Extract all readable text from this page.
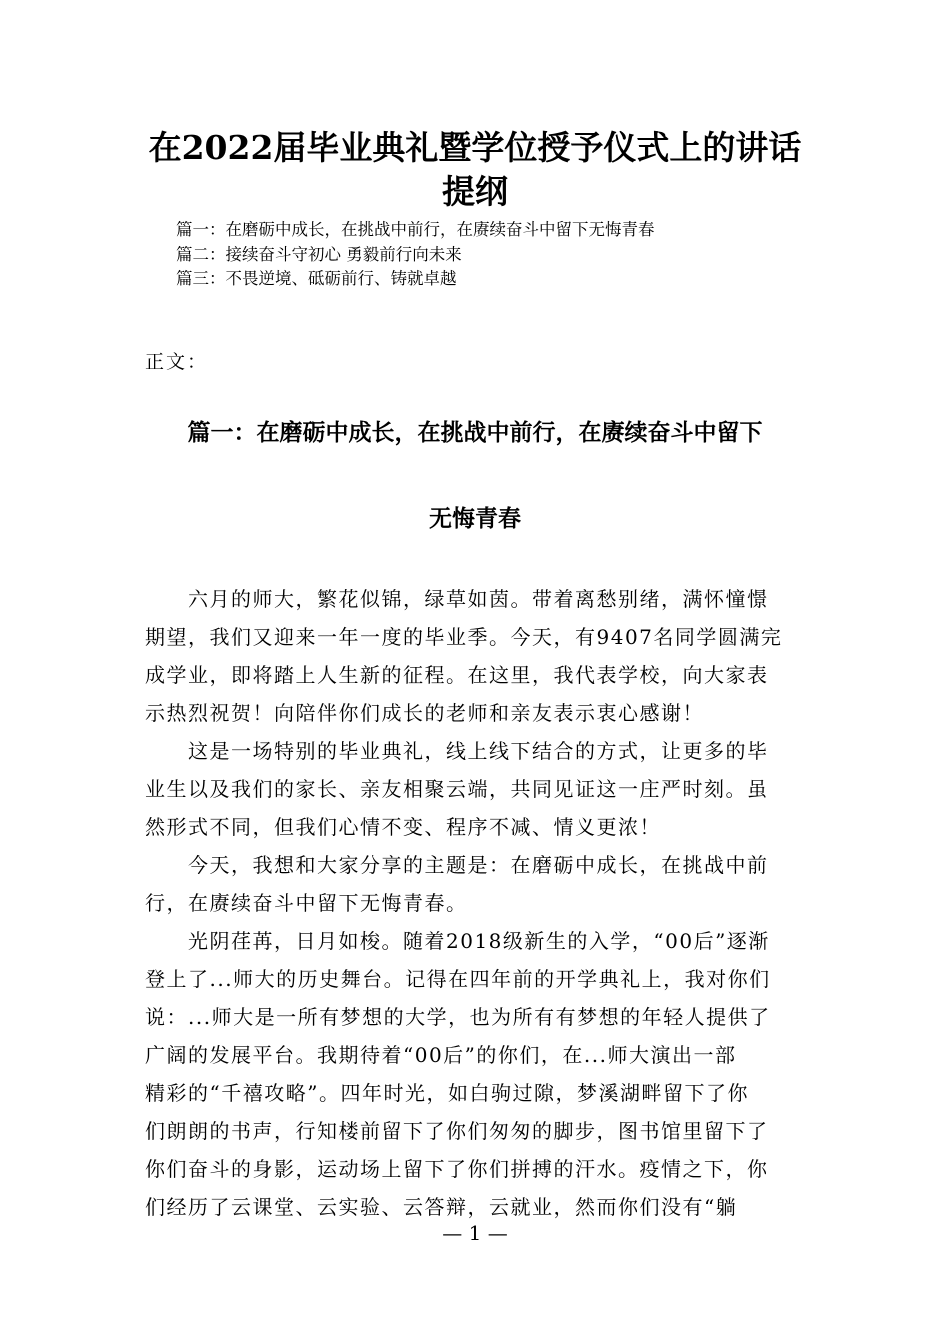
在2022届毕业典礼暨学位授予仪式上的讲话
提纲
篇一：在磨砺中成长，在挑战中前行，在赓续奋斗中留下无悔青春
篇二：接续奋斗守初心 勇毅前行向未来
篇三：不畏逆境、砥砺前行、铸就卓越
正文：
篇一：在磨砺中成长，在挑战中前行，在赓续奋斗中留下
无悔青春
　　六月的师大，繁花似锦，绿草如茵。带着离愁别绪，满怀憧憬
期望，我们又迎来一年一度的毕业季。今天，有9407名同学圆满完
成学业，即将踏上人生新的征程。在这里，我代表学校，向大家表
示热烈祝贺！向陪伴你们成长的老师和亲友表示衷心感谢！
　　这是一场特别的毕业典礼，线上线下结合的方式，让更多的毕
业生以及我们的家长、亲友相聚云端，共同见证这一庄严时刻。虽
然形式不同，但我们心情不变、程序不减、情义更浓！
　　今天，我想和大家分享的主题是：在磨砺中成长，在挑战中前
行，在赓续奋斗中留下无悔青春。
　　光阴荏苒，日月如梭。随着2018级新生的入学，“00后”逐渐
登上了...师大的历史舞台。记得在四年前的开学典礼上，我对你们
说：...师大是一所有梦想的大学，也为所有有梦想的年轻人提供了
广阔的发展平台。我期待着“00后”的你们，在...师大演出一部
精彩的“千禧攻略”。四年时光，如白驹过隙，梦溪湖畔留下了你
们朗朗的书声，行知楼前留下了你们匆匆的脚步，图书馆里留下了
你们奋斗的身影，运动场上留下了你们拼搏的汗水。疫情之下，你
们经历了云课堂、云实验、云答辩，云就业，然而你们没有“躺
— 1 —
